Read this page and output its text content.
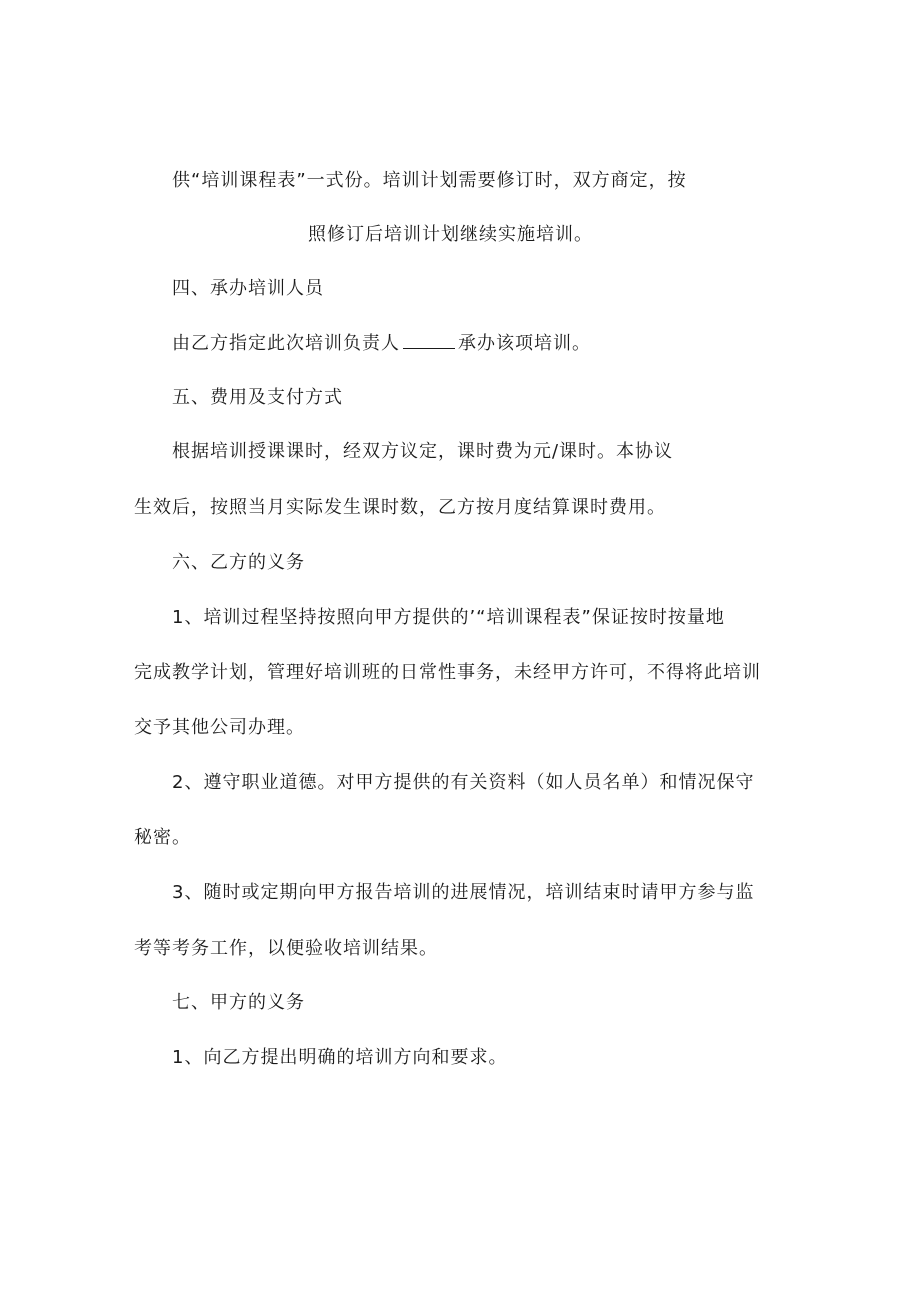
供“培训课程表”一式份。培训计划需要修订时，双方商定，按
照修订后培训计划继续实施培训。
四、承办培训人员
由乙方指定此次培训负责人	承办该项培训。
五、费用及支付方式
根据培训授课课时，经双方议定，课时费为元/课时。本协议
生效后，按照当月实际发生课时数，乙方按月度结算课时费用。
六、乙方的义务
1、培训过程坚持按照向甲方提供的’“培训课程表”保证按时按量地
完成教学计划，管理好培训班的日常性事务，未经甲方许可，不得将此培训
交予其他公司办理。
2、遵守职业道德。对甲方提供的有关资料（如人员名单）和情况保守
秘密。
3、随时或定期向甲方报告培训的进展情况，培训结束时请甲方参与监
考等考务工作，以便验收培训结果。
七、甲方的义务
1、向乙方提出明确的培训方向和要求。
